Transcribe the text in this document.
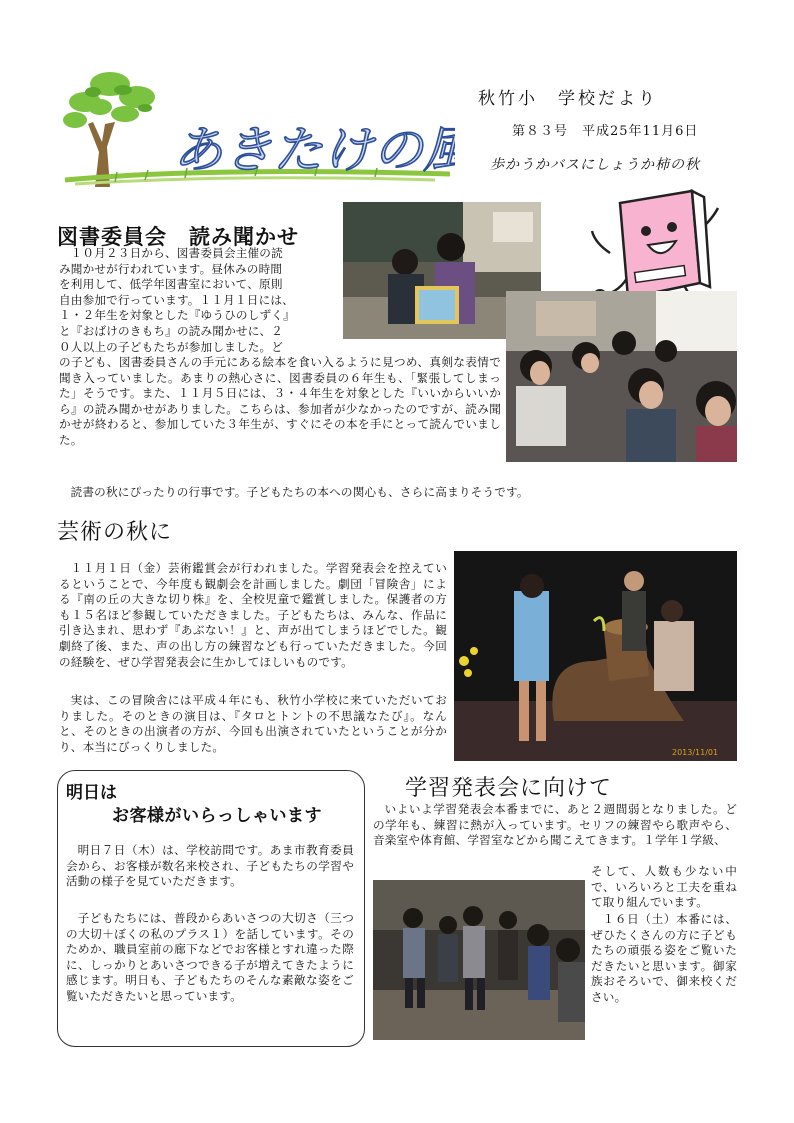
あきたけの風
秋竹小　学校だより
第８３号　平成25年11月6日
歩かうかバスにしょうか柿の秋
図書委員会　読み聞かせ

１０月２３日から、図書委員会主催の読

み聞かせが行われています。昼休みの時間

を利用して、低学年図書室において、原則

自由参加で行っています。１１月１日には、

１・２年生を対象とした『ゆうひのしずく』

と『おばけのきもち』の読み聞かせに、２

０人以上の子どもたちが参加しました。ど

の子ども、図書委員さんの手元にある絵本を食い入るように見つめ、真剣な表情で聞き入っていました。あまりの熱心さに、図書委員の６年生も、「緊張してしまった」そうです。また、１１月５日には、３・４年生を対象とした『いいからいいから』の読み聞かせがありました。こちらは、参加者が少なかったのですが、読み聞かせが終わると、参加していた３年生が、すぐにその本を手にとって読んでいました。

読書の秋にぴったりの行事です。子どもたちの本への関心も、さらに高まりそうです。

芸術の秋に

１１月１日（金）芸術鑑賞会が行われました。学習発表会を控えているということで、今年度も観劇会を計画しました。劇団「冒険舎」による『南の丘の大きな切り株』を、全校児童で鑑賞しました。保護者の方も１５名ほど参観していただきました。子どもたちは、みんな、作品に引き込まれ、思わず『あぶない！』と、声が出てしまうほどでした。観劇終了後、また、声の出し方の練習なども行っていただきました。今回の経験を、ぜひ学習発表会に生かしてほしいものです。

実は、この冒険舎には平成４年にも、秋竹小学校に来ていただいておりました。そのときの演目は、『タロとトントの不思議なたび』。なんと、そのときの出演者の方が、今回も出演されていたということが分かり、本当にびっくりしました。	2013/11/01
明日は
お客様がいらっしゃいます

明日７日（木）は、学校訪問です。あま市教育委員会から、お客様が数名来校され、子どもたちの学習や活動の様子を見ていただきます。

子どもたちには、普段からあいさつの大切さ（三つの大切＋ぼくの私のプラス１）を話しています。そのためか、職員室前の廊下などでお客様とすれ違った際に、しっかりとあいさつできる子が増えてきたように感じます。明日も、子どもたちのそんな素敵な姿をご覧いただきたいと思っています。

学習発表会に向けて

いよいよ学習発表会本番までに、あと２週間弱となりました。どの学年も、練習に熱が入っています。セリフの練習やら歌声やら、音楽室や体育館、学習室などから聞こえてきます。１学年１学級、

そして、人数も少ない中で、いろいろと工夫を重ねて取り組んでいます。

１６日（土）本番には、ぜひたくさんの方に子どもたちの頑張る姿をご覧いただきたいと思います。御家族おそろいで、御来校ください。
